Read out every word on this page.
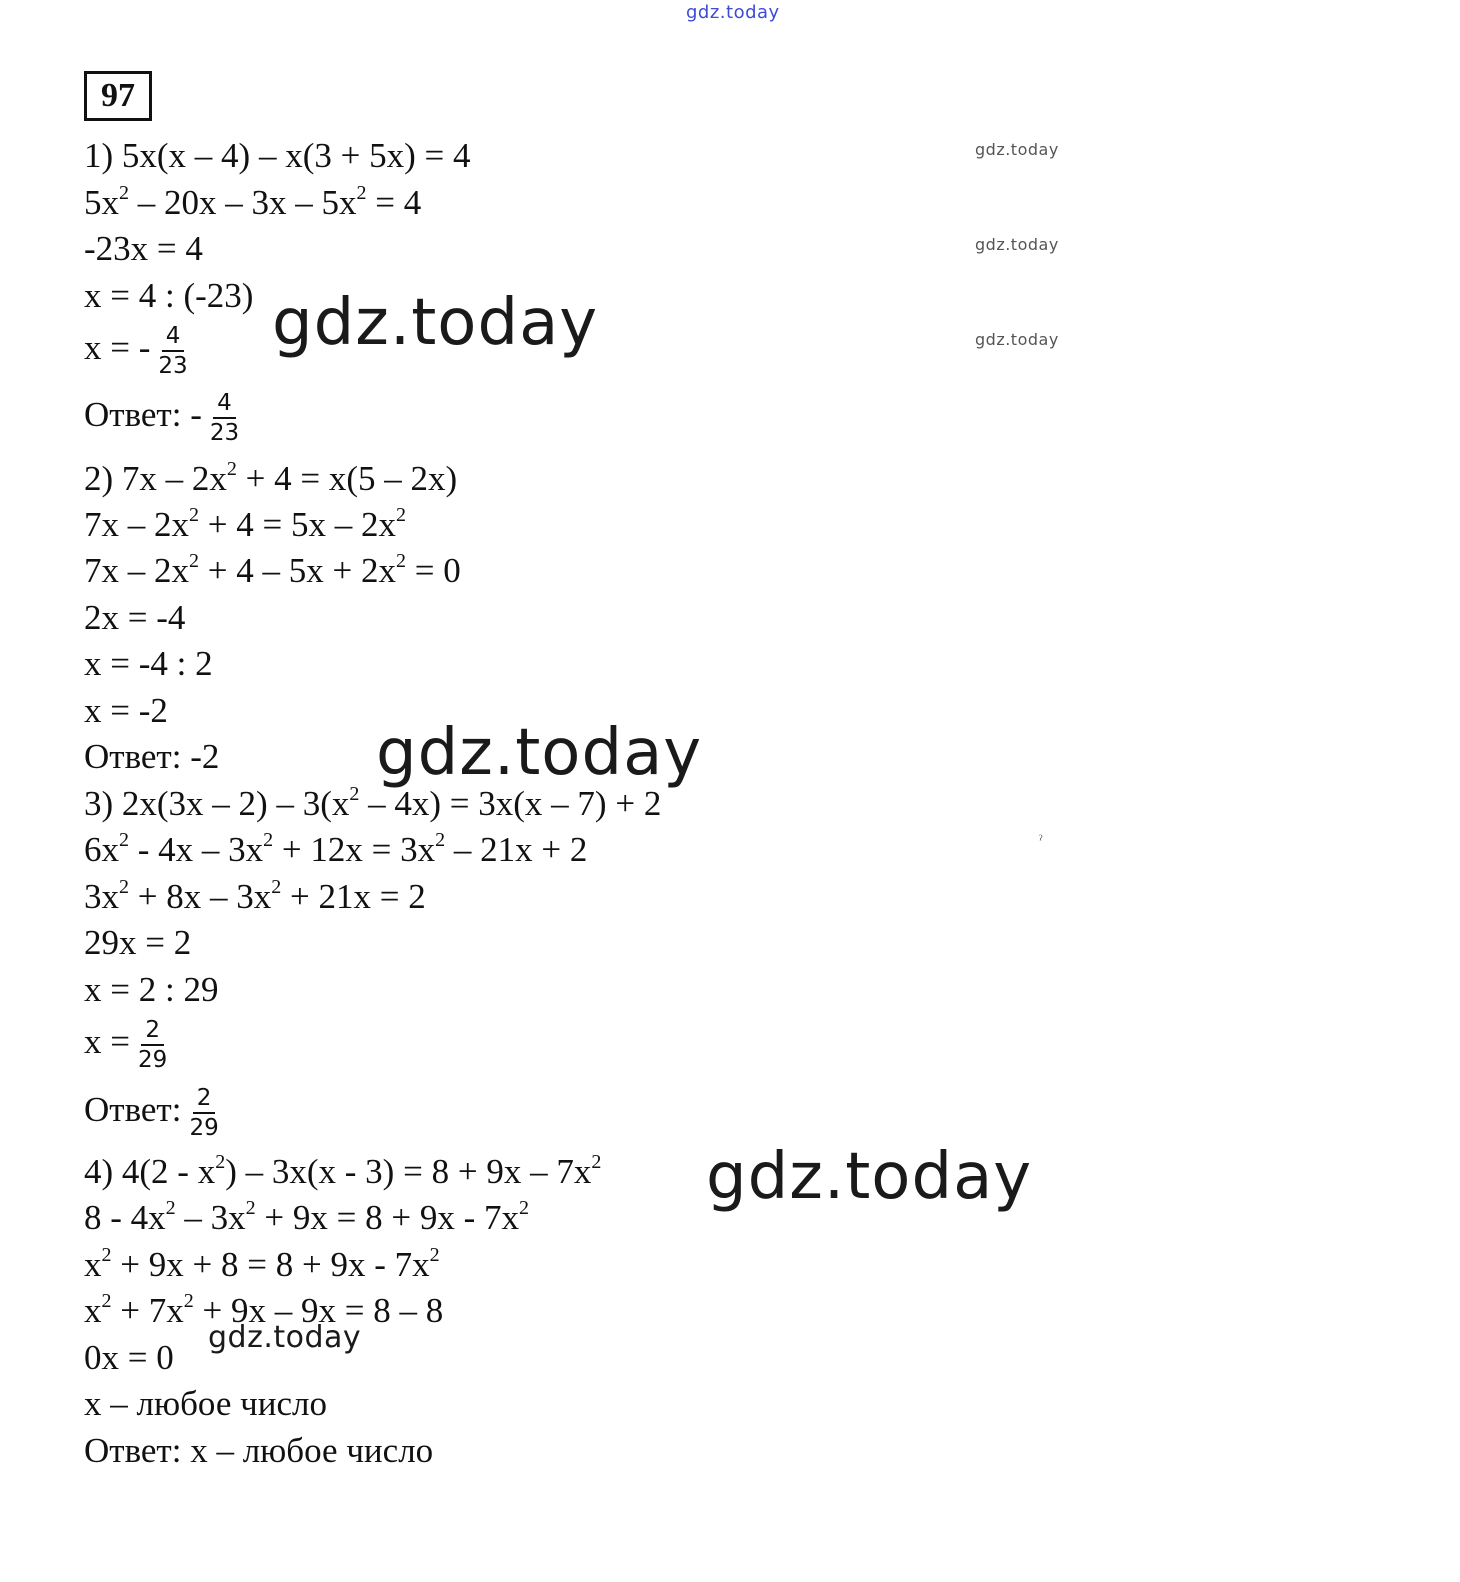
gdz.today
gdz.today
gdz.today
gdz.today
gdz.today
gdz.today
gdz.today
gdz.today
ˀ
97
1) 5x(x – 4) – x(3 + 5x) = 4
$5x^2 - 20x - 3x - 5x^2 = 4$
-23x = 4
x = 4 : (-23)
x = - $\frac{4}{23}$
Ответ: - $\frac{4}{23}$
2) $7x - 2x^2 + 4 = x(5 - 2x)$
$7x - 2x^2 + 4 = 5x - 2x^2$
$7x - 2x^2 + 4 - 5x + 2x^2 = 0$
2x = -4
x = -4 : 2
x = -2
Ответ: -2
3) $2x(3x - 2) - 3(x^2 - 4x) = 3x(x - 7) + 2$
$6x^2 - 4x - 3x^2 + 12x = 3x^2 - 21x + 2$
$3x^2 + 8x - 3x^2 + 21x = 2$
29x = 2
x = 2 : 29
$x = \frac{2}{29}$
Ответ: $\frac{2}{29}$
4) $4(2 - x^2) - 3x(x - 3) = 8 + 9x - 7x^2$
$8 - 4x^2 - 3x^2 + 9x = 8 + 9x - 7x^2$
$x^2 + 9x + 8 = 8 + 9x - 7x^2$
$x^2 + 7x^2 + 9x - 9x = 8 - 8$
0x = 0
x – любое число
Ответ: x – любое число
